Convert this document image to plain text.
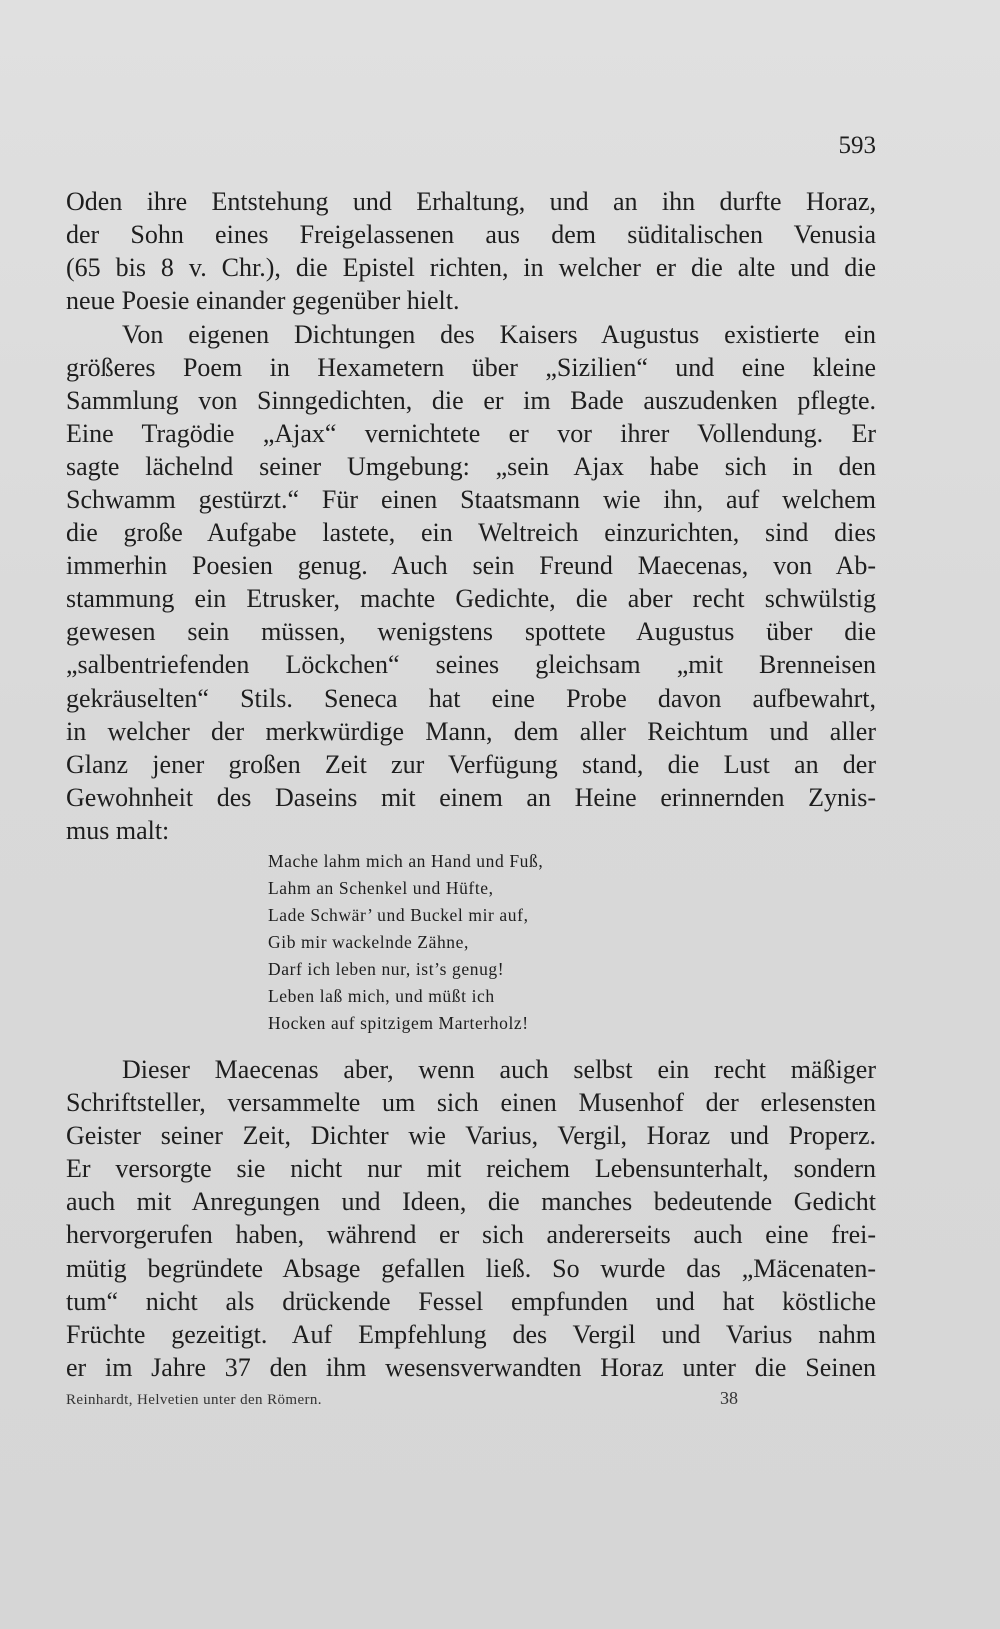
593
Oden ihre Entstehung und Erhaltung, und an ihn durfte Horaz,
der Sohn eines Freigelassenen aus dem süditalischen Venusia
(65 bis 8 v. Chr.), die Epistel richten, in welcher er die alte und die
neue Poesie einander gegenüber hielt.
Von eigenen Dichtungen des Kaisers Augustus existierte ein
größeres Poem in Hexametern über „Sizilien“ und eine kleine
Sammlung von Sinngedichten, die er im Bade auszudenken pflegte.
Eine Tragödie „Ajax“ vernichtete er vor ihrer Vollendung. Er
sagte lächelnd seiner Umgebung: „sein Ajax habe sich in den
Schwamm gestürzt.“ Für einen Staatsmann wie ihn, auf welchem
die große Aufgabe lastete, ein Weltreich einzurichten, sind dies
immerhin Poesien genug. Auch sein Freund Maecenas, von Ab-
stammung ein Etrusker, machte Gedichte, die aber recht schwülstig
gewesen sein müssen, wenigstens spottete Augustus über die
„salbentriefenden Löckchen“ seines gleichsam „mit Brenneisen
gekräuselten“ Stils. Seneca hat eine Probe davon aufbewahrt,
in welcher der merkwürdige Mann, dem aller Reichtum und aller
Glanz jener großen Zeit zur Verfügung stand, die Lust an der
Gewohnheit des Daseins mit einem an Heine erinnernden Zynis-
mus malt:
Mache lahm mich an Hand und Fuß,
Lahm an Schenkel und Hüfte,
Lade Schwär’ und Buckel mir auf,
Gib mir wackelnde Zähne,
Darf ich leben nur, ist’s genug!
Leben laß mich, und müßt ich
Hocken auf spitzigem Marterholz!
Dieser Maecenas aber, wenn auch selbst ein recht mäßiger
Schriftsteller, versammelte um sich einen Musenhof der erlesensten
Geister seiner Zeit, Dichter wie Varius, Vergil, Horaz und Properz.
Er versorgte sie nicht nur mit reichem Lebensunterhalt, sondern
auch mit Anregungen und Ideen, die manches bedeutende Gedicht
hervorgerufen haben, während er sich andererseits auch eine frei-
mütig begründete Absage gefallen ließ. So wurde das „Mäcenaten-
tum“ nicht als drückende Fessel empfunden und hat köstliche
Früchte gezeitigt. Auf Empfehlung des Vergil und Varius nahm
er im Jahre 37 den ihm wesensverwandten Horaz unter die Seinen
Reinhardt, Helvetien unter den Römern.	38
